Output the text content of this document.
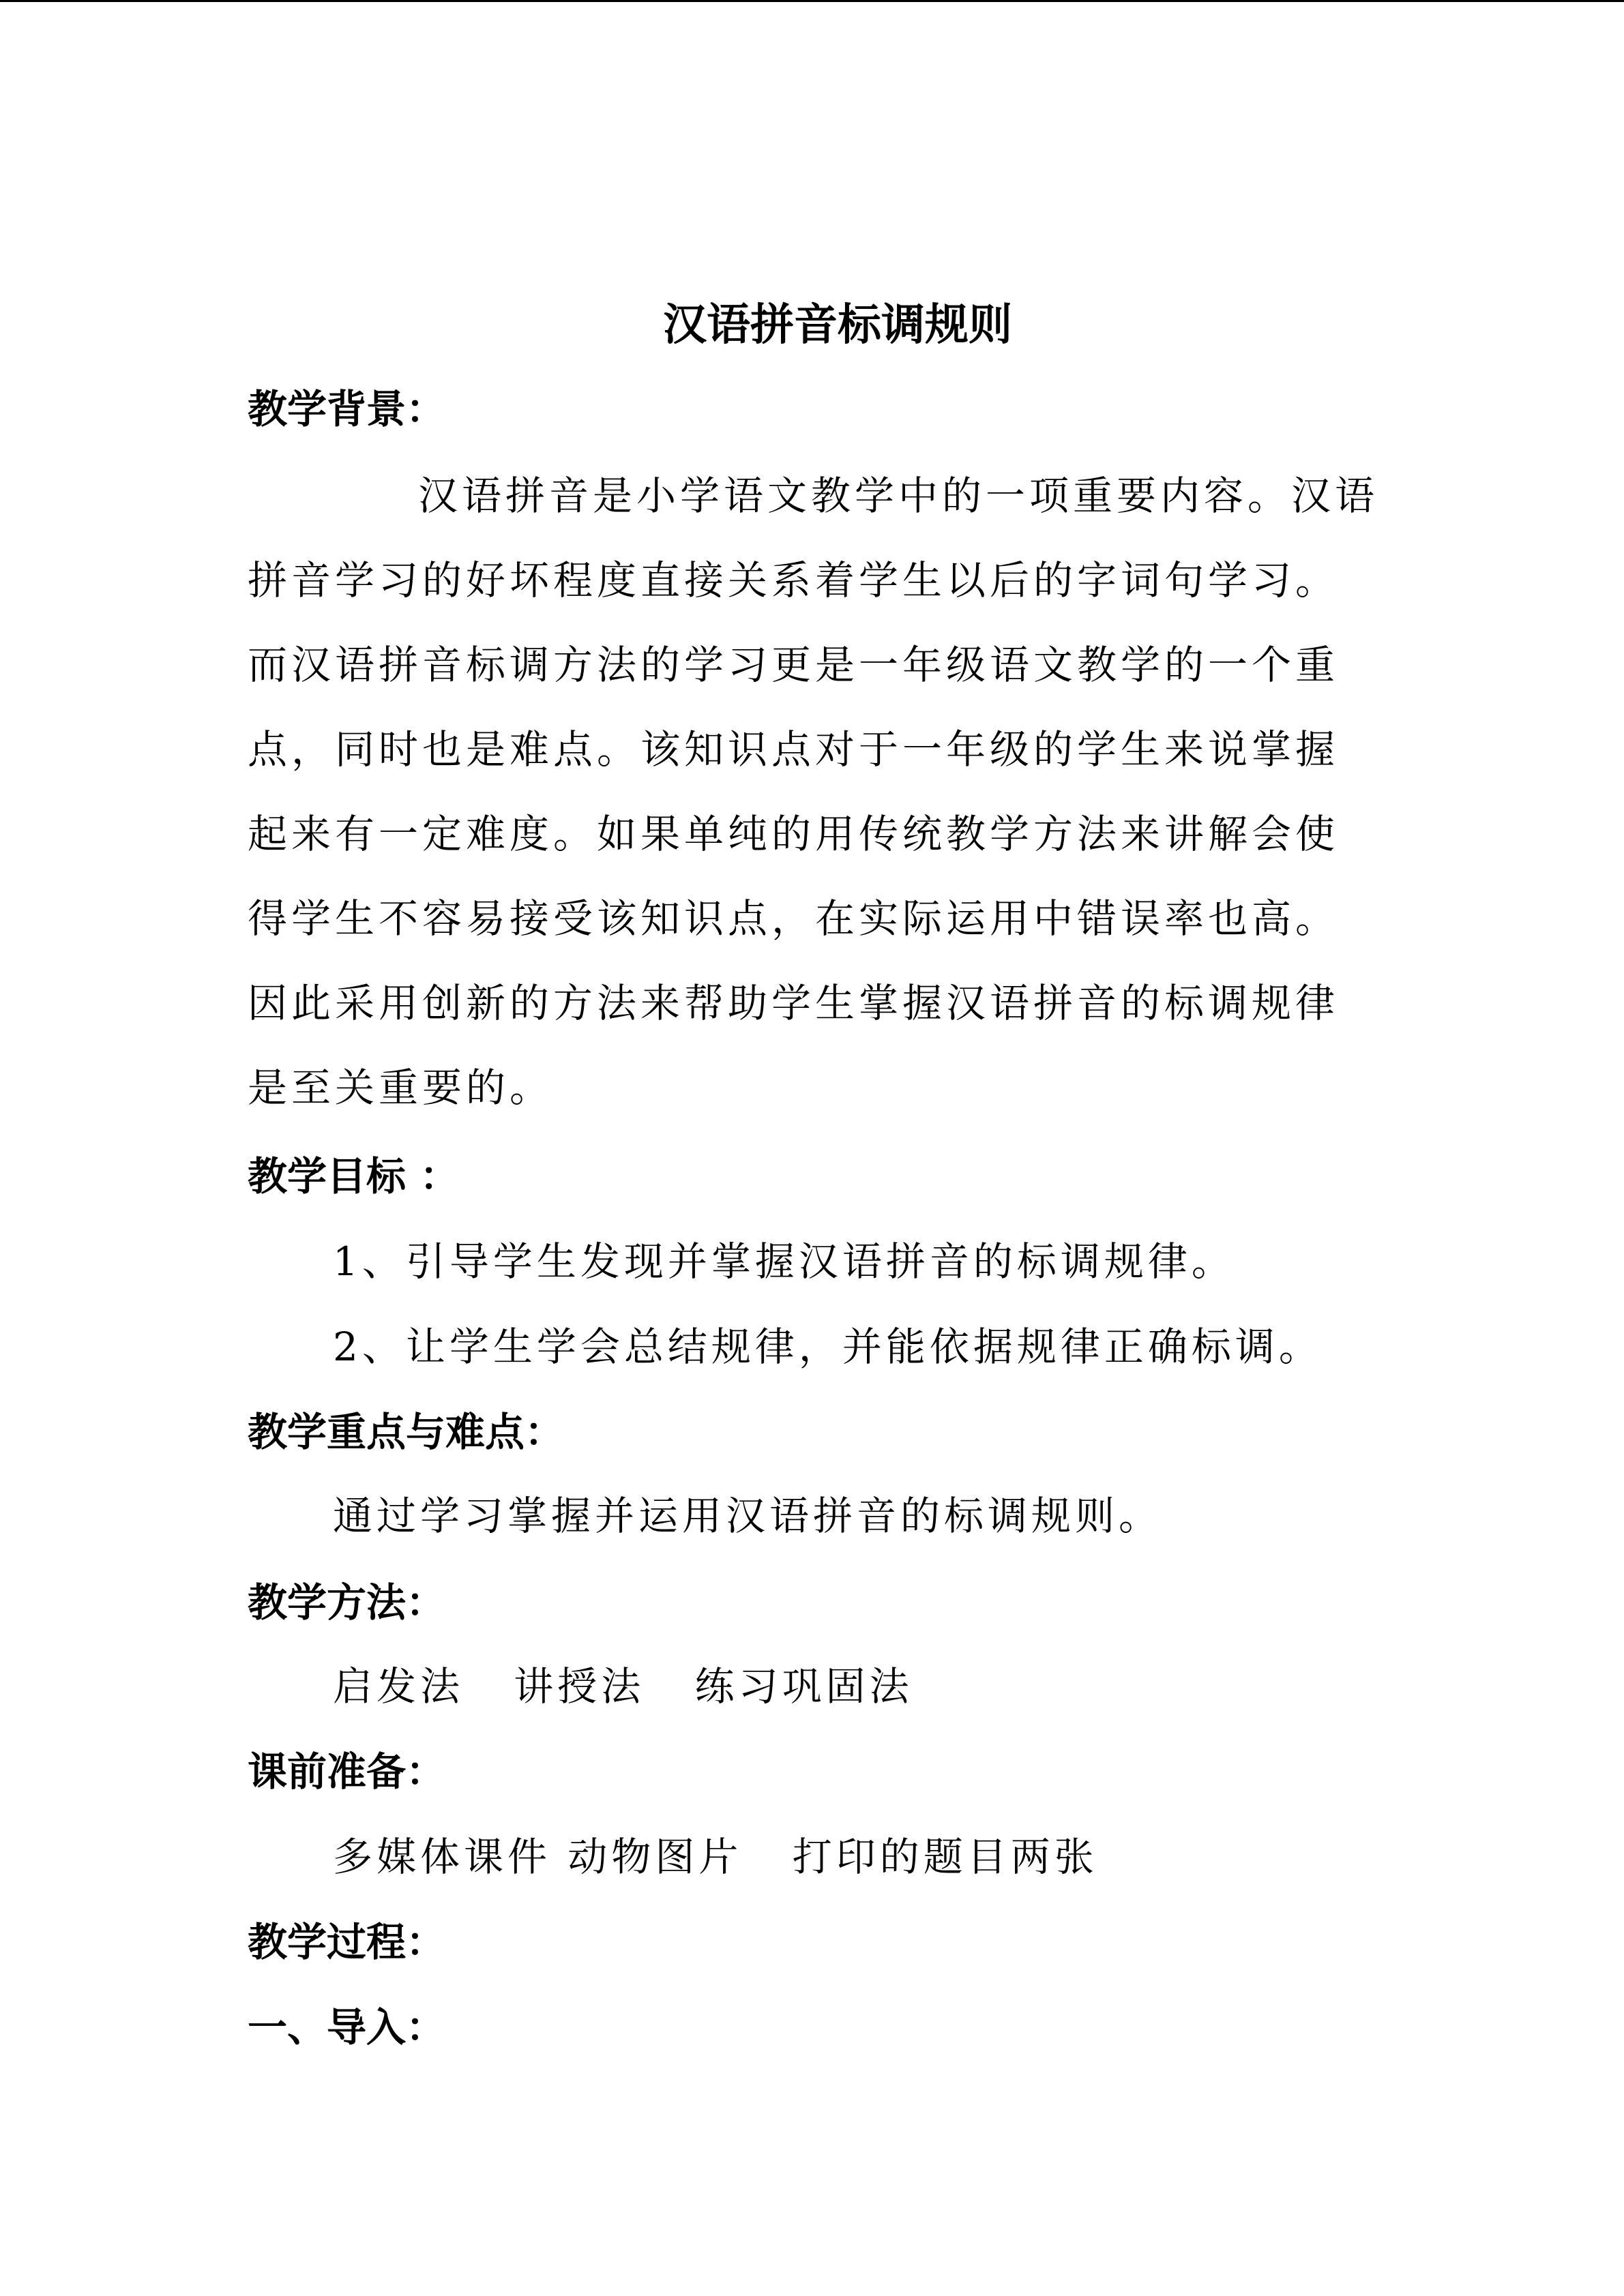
汉语拼音标调规则
教学背景：
汉语拼音是小学语文教学中的一项重要内容。汉语
拼音学习的好坏程度直接关系着学生以后的字词句学习。
而汉语拼音标调方法的学习更是一年级语文教学的一个重
点，同时也是难点。该知识点对于一年级的学生来说掌握
起来有一定难度。如果单纯的用传统教学方法来讲解会使
得学生不容易接受该知识点，在实际运用中错误率也高。
因此采用创新的方法来帮助学生掌握汉语拼音的标调规律
是至关重要的。
教学目标 ：
1、引导学生发现并掌握汉语拼音的标调规律。
2、让学生学会总结规律，并能依据规律正确标调。
教学重点与难点：
通过学习掌握并运用汉语拼音的标调规则。
教学方法：
启发法   讲授法   练习巩固法
课前准备：
多媒体课件 动物图片   打印的题目两张
教学过程：
一、导入：
